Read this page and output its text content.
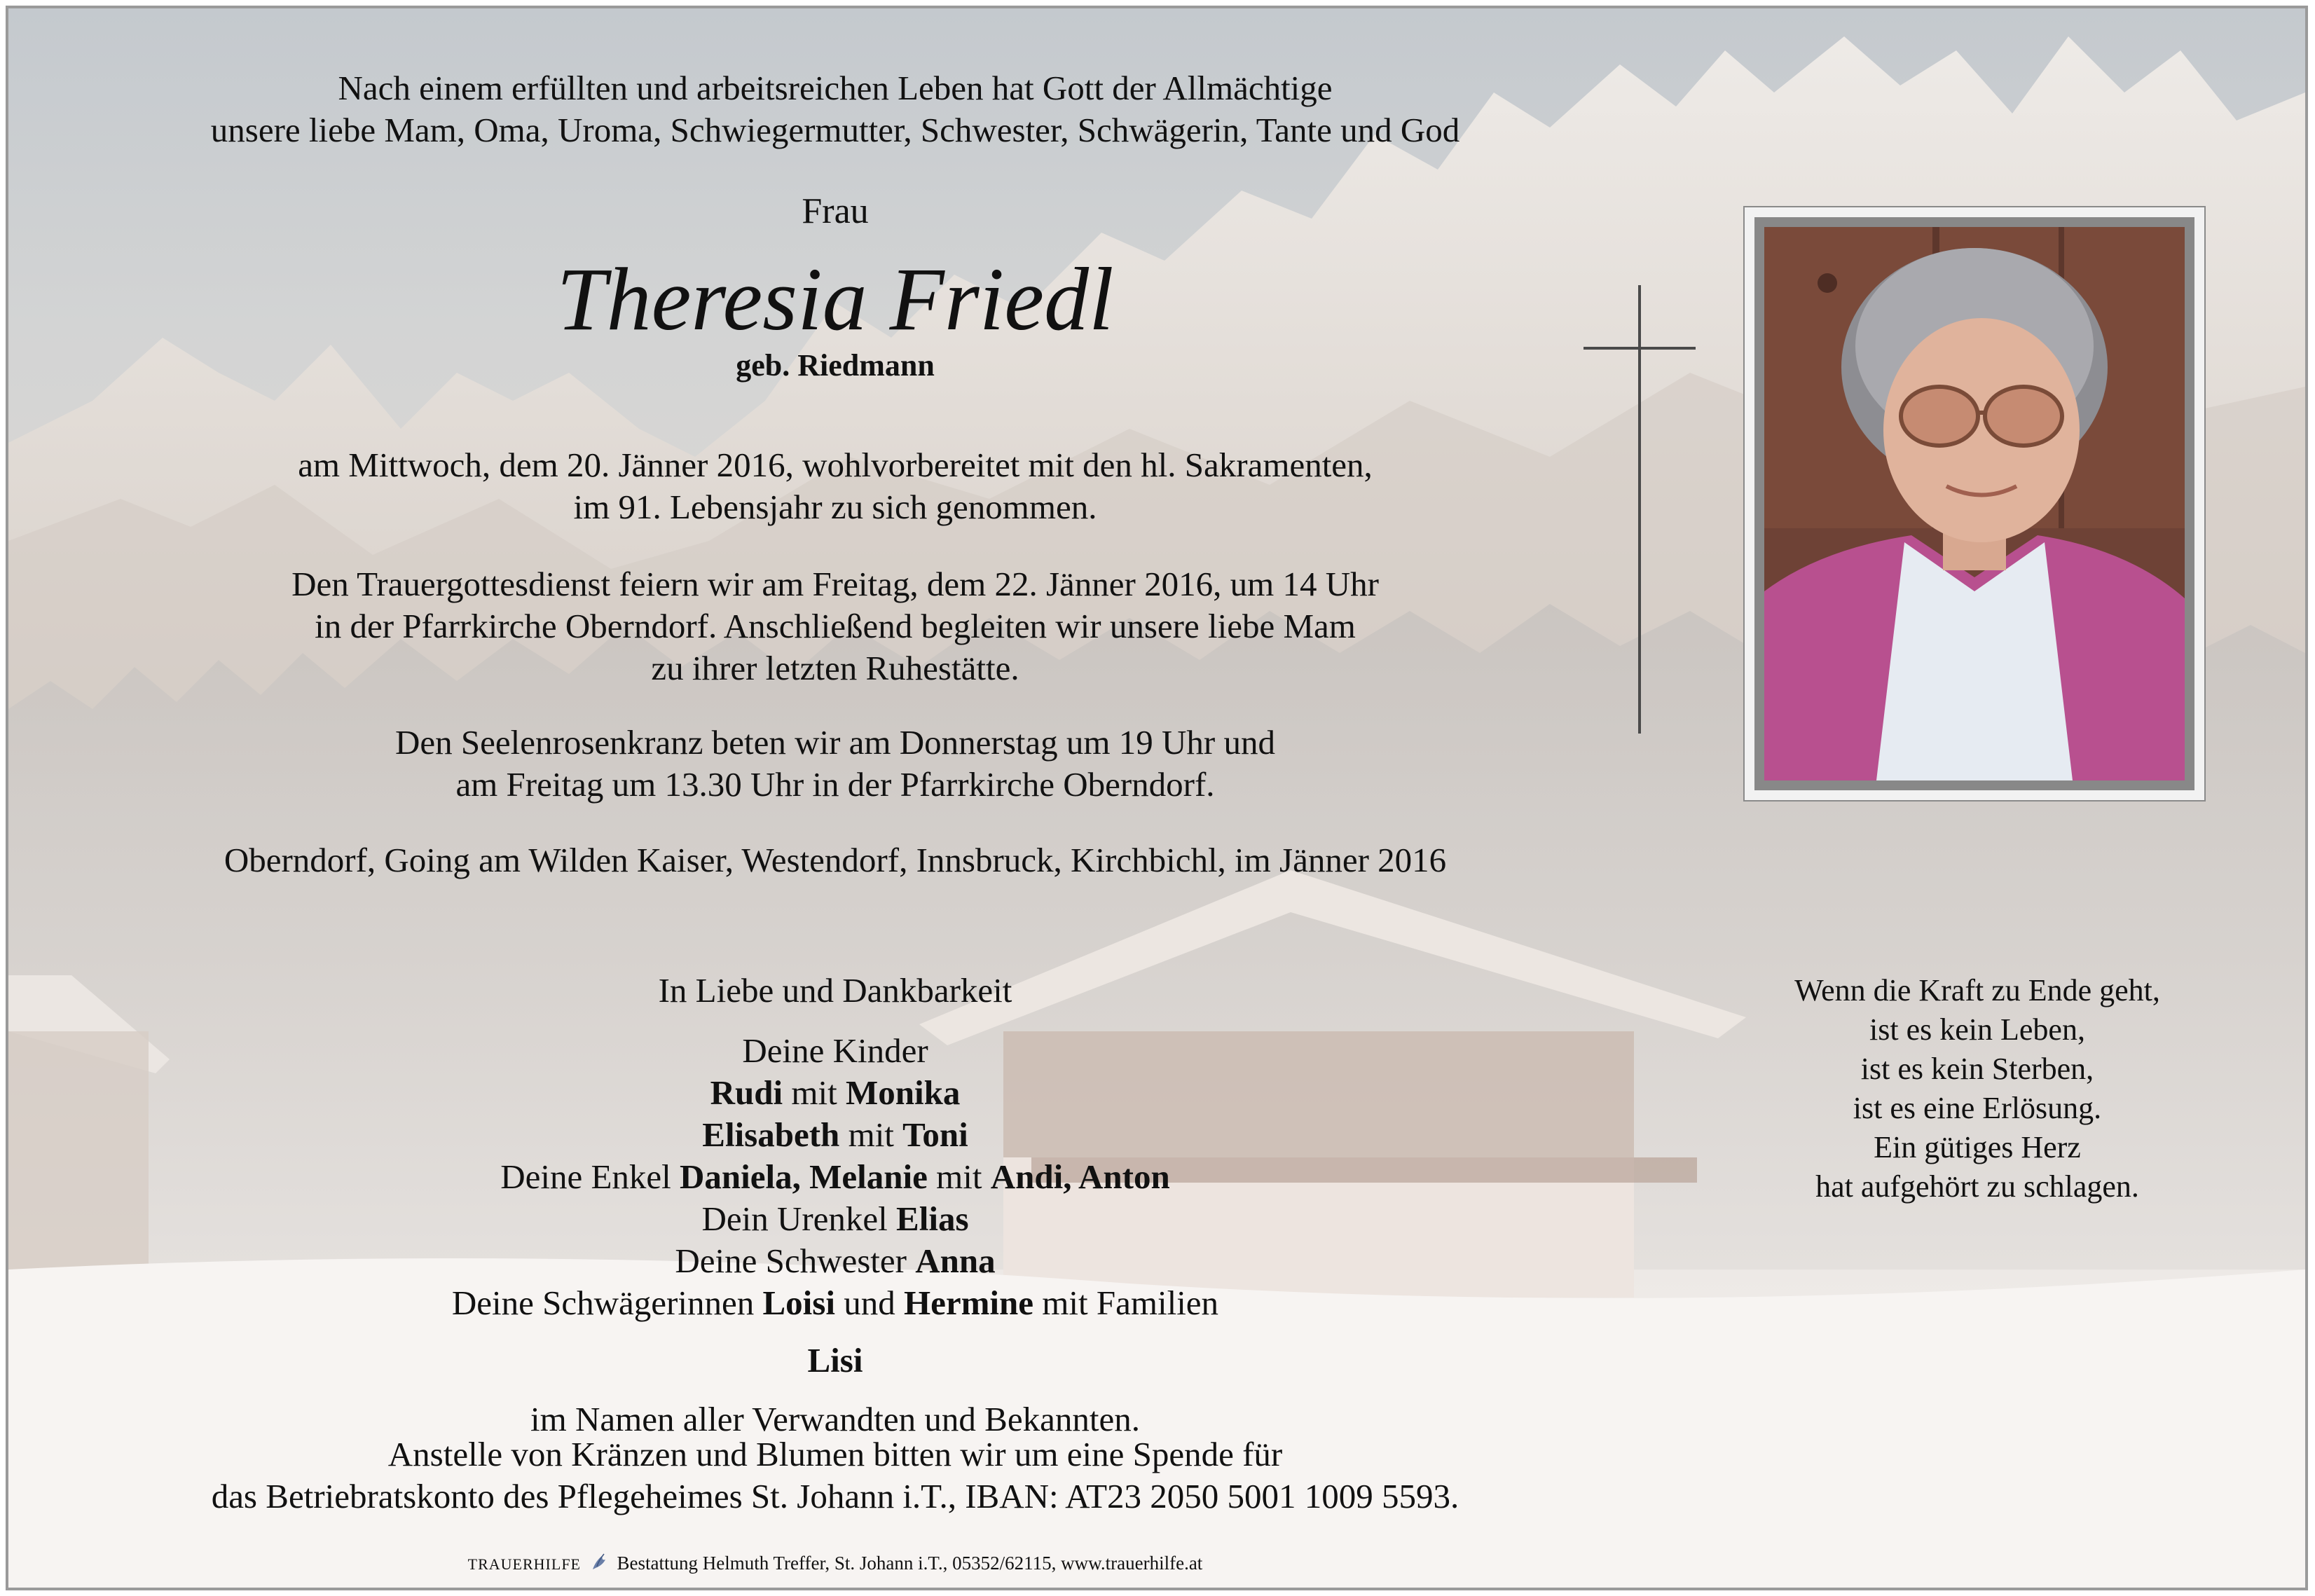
Nach einem erfüllten und arbeitsreichen Leben hat Gott der Allmächtige
unsere liebe Mam, Oma, Uroma, Schwiegermutter, Schwester, Schwägerin, Tante und God
Frau
Theresia Friedl
geb. Riedmann
am Mittwoch, dem 20. Jänner 2016, wohlvorbereitet mit den hl. Sakramenten,
im 91. Lebensjahr zu sich genommen.
Den Trauergottesdienst feiern wir am Freitag, dem 22. Jänner 2016, um 14 Uhr
in der Pfarrkirche Oberndorf. Anschließend begleiten wir unsere liebe Mam
zu ihrer letzten Ruhestätte.
Den Seelenrosenkranz beten wir am Donnerstag um 19 Uhr und
am Freitag um 13.30 Uhr in der Pfarrkirche Oberndorf.
Oberndorf, Going am Wilden Kaiser, Westendorf, Innsbruck, Kirchbichl, im Jänner 2016
In Liebe und Dankbarkeit
Deine Kinder
Rudi mit Monika
Elisabeth mit Toni
Deine Enkel Daniela, Melanie mit Andi, Anton
Dein Urenkel Elias
Deine Schwester Anna
Deine Schwägerinnen Loisi und Hermine mit Familien
Lisi
im Namen aller Verwandten und Bekannten.
Anstelle von Kränzen und Blumen bitten wir um eine Spende für
das Betriebratskonto des Pflegeheimes St. Johann i.T., IBAN: AT23 2050 5001 1009 5593.
Wenn die Kraft zu Ende geht,
ist es kein Leben,
ist es kein Sterben,
ist es eine Erlösung.
Ein gütiges Herz
hat aufgehört zu schlagen.
TRAUERHILFE Bestattung Helmuth Treffer, St. Johann i.T., 05352/62115, www.trauerhilfe.at
